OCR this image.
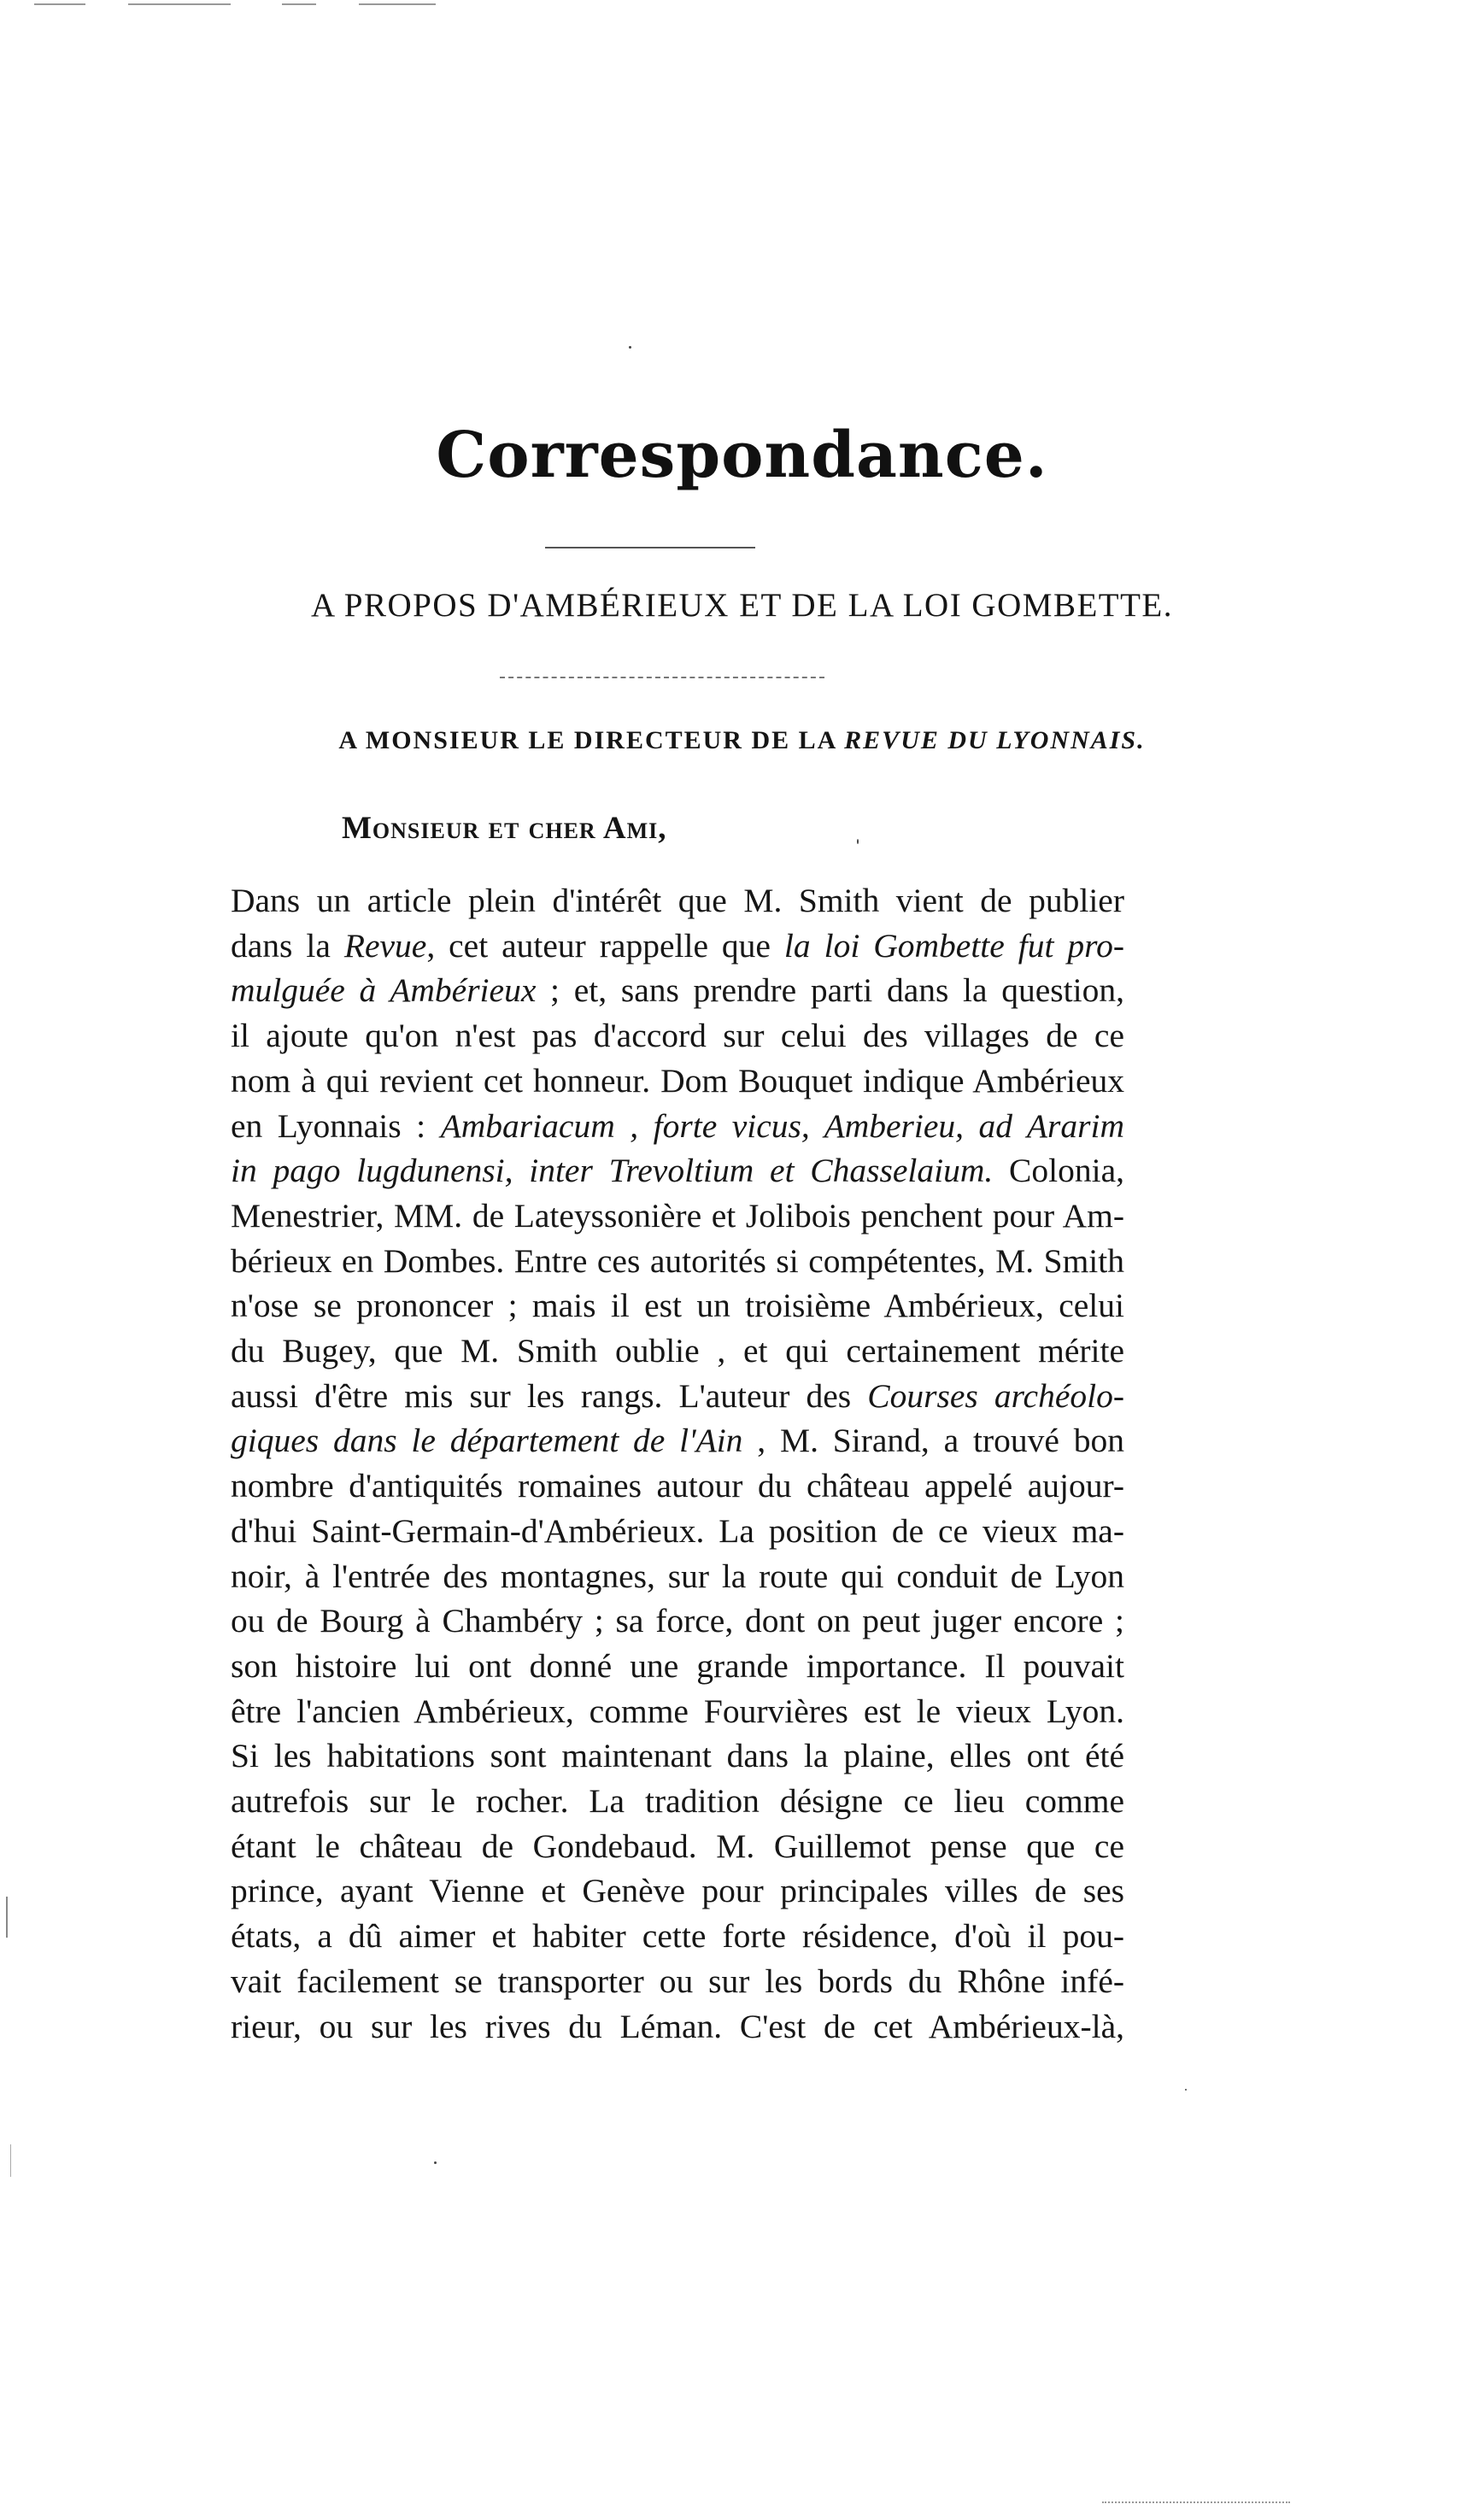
Correspondance.
A PROPOS D'AMBÉRIEUX ET DE LA LOI GOMBETTE.
A MONSIEUR LE DIRECTEUR DE LA REVUE DU LYONNAIS.
Monsieur et cher Ami,
Dans un article plein d'intérêt que M. Smith vient de publier
dans la Revue, cet auteur rappelle que la loi Gombette fut pro-
mulguée à Ambérieux ; et, sans prendre parti dans la question,
il ajoute qu'on n'est pas d'accord sur celui des villages de ce
nom à qui revient cet honneur. Dom Bouquet indique Ambérieux
en Lyonnais : Ambariacum , forte vicus, Amberieu, ad Ararim
in pago lugdunensi, inter Trevoltium et Chasselaium. Colonia,
Menestrier, MM. de Lateyssonière et Jolibois penchent pour Am-
bérieux en Dombes. Entre ces autorités si compétentes, M. Smith
n'ose se prononcer ; mais il est un troisième Ambérieux, celui
du Bugey, que M. Smith oublie , et qui certainement mérite
aussi d'être mis sur les rangs. L'auteur des Courses archéolo-
giques dans le département de l'Ain , M. Sirand, a trouvé bon
nombre d'antiquités romaines autour du château appelé aujour-
d'hui Saint-Germain-d'Ambérieux. La position de ce vieux ma-
noir, à l'entrée des montagnes, sur la route qui conduit de Lyon
ou de Bourg à Chambéry ; sa force, dont on peut juger encore ;
son histoire lui ont donné une grande importance. Il pouvait
être l'ancien Ambérieux, comme Fourvières est le vieux Lyon.
Si les habitations sont maintenant dans la plaine, elles ont été
autrefois sur le rocher. La tradition désigne ce lieu comme
étant le château de Gondebaud. M. Guillemot pense que ce
prince, ayant Vienne et Genève pour principales villes de ses
états, a dû aimer et habiter cette forte résidence, d'où il pou-
vait facilement se transporter ou sur les bords du Rhône infé-
rieur, ou sur les rives du Léman. C'est de cet Ambérieux-là,
